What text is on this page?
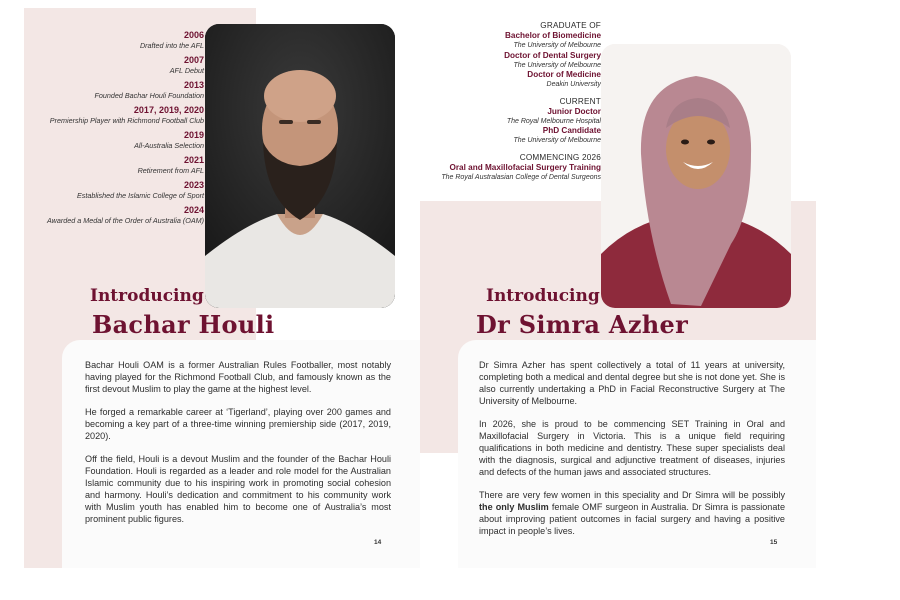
2006
Drafted into the AFL
2007
AFL Debut
2013
Founded Bachar Houli Foundation
2017, 2019, 2020
Premiership Player with Richmond Football Club
2019
All-Australia Selection
2021
Retirement from AFL
2023
Established the Islamic College of Sport
2024
Awarded a Medal of the Order of Australia (OAM)
Introducing
Bachar Houli

Bachar Houli OAM is a former Australian Rules Footballer, most notably having played for the Richmond Football Club, and famously known as the first devout Muslim to play the game at the highest level.

He forged a remarkable career at ‘Tigerland’, playing over 200 games and becoming a key part of a three-time winning premiership side (2017, 2019, 2020).

Off the field, Houli is a devout Muslim and the founder of the Bachar Houli Foundation. Houli is regarded as a leader and role model for the Australian Islamic community due to his inspiring work in promoting social cohesion and harmony. Houli’s dedication and commitment to his community work with Muslim youth has enabled him to become one of Australia’s most prominent public figures.

14
GRADUATE OF
Bachelor of Biomedicine
The University of Melbourne
Doctor of Dental Surgery
The University of Melbourne
Doctor of Medicine
Deakin University
CURRENT
Junior Doctor
The Royal Melbourne Hospital
PhD Candidate
The University of Melbourne
COMMENCING 2026
Oral and Maxillofacial Surgery Training
The Royal Australasian College of Dental Surgeons
Introducing
Dr Simra Azher

Dr Simra Azher has spent collectively a total of 11 years at university, completing both a medical and dental degree but she is not done yet. She is also currently undertaking a PhD in Facial Reconstructive Surgery at The University of Melbourne.

In 2026, she is proud to be commencing SET Training in Oral and Maxillofacial Surgery in Victoria. This is a unique field requiring qualifications in both medicine and dentistry. These super specialists deal with the diagnosis, surgical and adjunctive treatment of diseases, injuries and defects of the human jaws and associated structures.

There are very few women in this speciality and Dr Simra will be possibly the only Muslim female OMF surgeon in Australia. Dr Simra is passionate about improving patient outcomes in facial surgery and having a positive impact in people’s lives.

15
